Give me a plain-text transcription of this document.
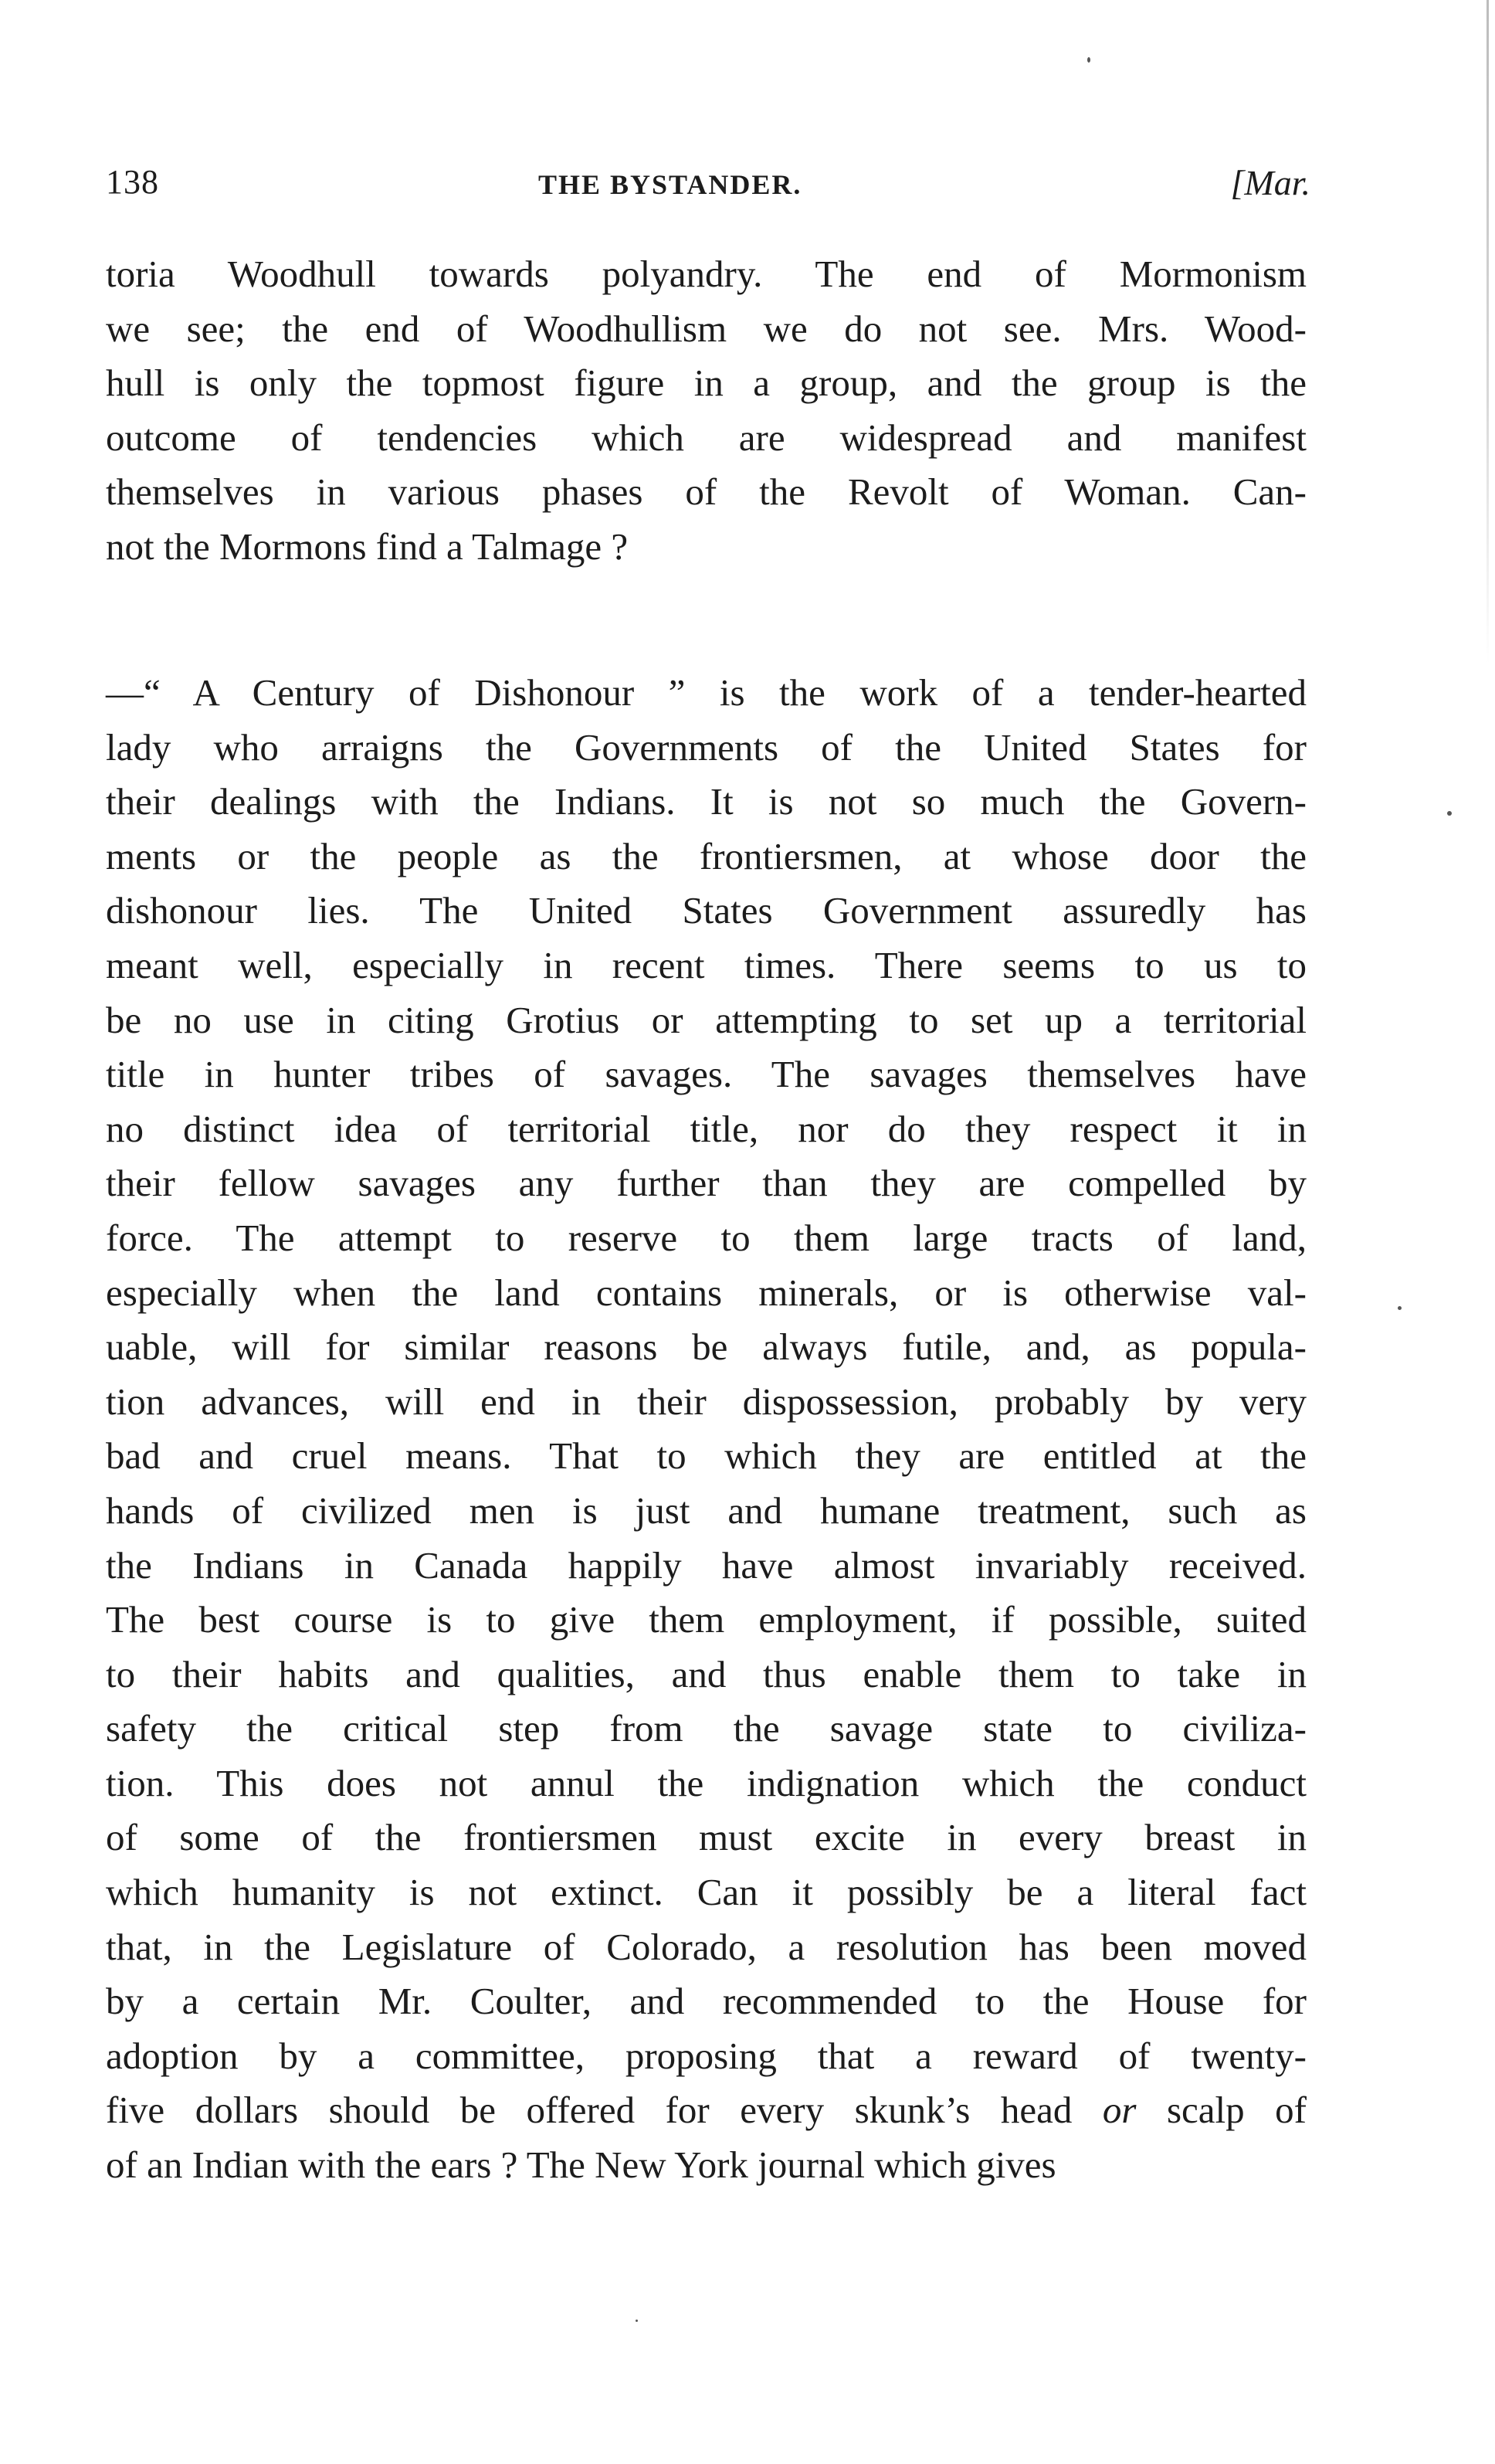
138	THE BYSTANDER.	[Mar.
toria Woodhull towards polyandry. The end of Mormonism
we see; the end of Woodhullism we do not see. Mrs. Wood-
hull is only the topmost figure in a group, and the group is the
outcome of tendencies which are widespread and manifest
themselves in various phases of the Revolt of Woman. Can-
not the Mormons find a Talmage ?
—“ A Century of Dishonour ” is the work of a tender-hearted
lady who arraigns the Governments of the United States for
their dealings with the Indians. It is not so much the Govern-
ments or the people as the frontiersmen, at whose door the
dishonour lies. The United States Government assuredly has
meant well, especially in recent times. There seems to us to
be no use in citing Grotius or attempting to set up a territorial
title in hunter tribes of savages. The savages themselves have
no distinct idea of territorial title, nor do they respect it in
their fellow savages any further than they are compelled by
force. The attempt to reserve to them large tracts of land,
especially when the land contains minerals, or is otherwise val-
uable, will for similar reasons be always futile, and, as popula-
tion advances, will end in their dispossession, probably by very
bad and cruel means. That to which they are entitled at the
hands of civilized men is just and humane treatment, such as
the Indians in Canada happily have almost invariably received.
The best course is to give them employment, if possible, suited
to their habits and qualities, and thus enable them to take in
safety the critical step from the savage state to civiliza-
tion. This does not annul the indignation which the conduct
of some of the frontiersmen must excite in every breast in
which humanity is not extinct. Can it possibly be a literal fact
that, in the Legislature of Colorado, a resolution has been moved
by a certain Mr. Coulter, and recommended to the House for
adoption by a committee, proposing that a reward of twenty-
five dollars should be offered for every skunk’s head or scalp of
of an Indian with the ears ? The New York journal which gives
